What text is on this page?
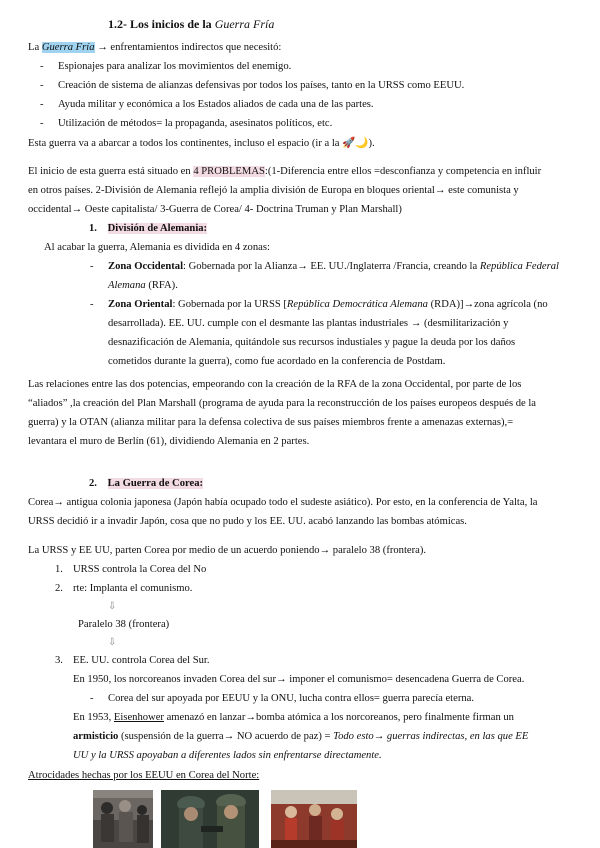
1.2- Los inicios de la Guerra Fría
La Guerra Fría → enfrentamientos indirectos que necesitó:
- Espionajes para analizar los movimientos del enemigo.
- Creación de sistema de alianzas defensivas por todos los países, tanto en la URSS como EEUU.
- Ayuda militar y económica a los Estados aliados de cada una de las partes.
- Utilización de métodos= la propaganda, asesinatos políticos, etc.
Esta guerra va a abarcar a todos los continentes, incluso el espacio (ir a la 🚀🌙).
El inicio de esta guerra está situado en 4 PROBLEMAS:(1-Diferencia entre ellos =desconfianza y competencia en influir
en otros países. 2-División de Alemania reflejó la amplia división de Europa en bloques oriental→ este comunista y
occidental→ Oeste capitalista/ 3-Guerra de Corea/ 4- Doctrina Truman y Plan Marshall)
1. División de Alemania:
Al acabar la guerra, Alemania es dividida en 4 zonas:
- Zona Occidental: Gobernada por la Alianza→ EE. UU./Inglaterra /Francia, creando la República Federal
Alemana (RFA).
- Zona Oriental: Gobernada por la URSS [República Democrática Alemana (RDA)]→zona agrícola (no
desarrollada). EE. UU. cumple con el desmante las plantas industriales → (desmilitarización y
desnazificación de Alemania, quitándole sus recursos industiales y pague la deuda por los daños
cometidos durante la guerra), como fue acordado en la conferencia de Postdam.
Las relaciones entre las dos potencias, empeorando con la creación de la RFA de la zona Occidental, por parte de los
“aliados” ,la creación del Plan Marshall (programa de ayuda para la reconstrucción de los países europeos después de la
guerra) y la OTAN (alianza militar para la defensa colectiva de sus países miembros frente a amenazas externas),=
levantara el muro de Berlín (61), dividiendo Alemania en 2 partes.
2. La Guerra de Corea:
Corea→ antigua colonia japonesa (Japón había ocupado todo el sudeste asiático). Por esto, en la conferencia de Yalta, la
URSS decidió ir a invadir Japón, cosa que no pudo y los EE. UU. acabó lanzando las bombas atómicas.
La URSS y EE UU, parten Corea por medio de un acuerdo poniendo→ paralelo 38 (frontera).
1. URSS controla la Corea del No
2. rte: Implanta el comunismo.
⇩
Paralelo 38 (frontera)
⇩
3. EE. UU. controla Corea del Sur.
En 1950, los norcoreanos invaden Corea del sur→ imponer el comunismo= desencadena Guerra de Corea.
- Corea del sur apoyada por EEUU y la ONU, lucha contra ellos= guerra parecía eterna.
En 1953, Eisenhower amenazó en lanzar→bomba atómica a los norcoreanos, pero finalmente firman un
armisticio (suspensión de la guerra→ NO acuerdo de paz) = Todo esto→ guerras indirectas, en las que EE
UU y la URSS apoyaban a diferentes lados sin enfrentarse directamente.
Atrocidades hechas por los EEUU en Corea del Norte:
